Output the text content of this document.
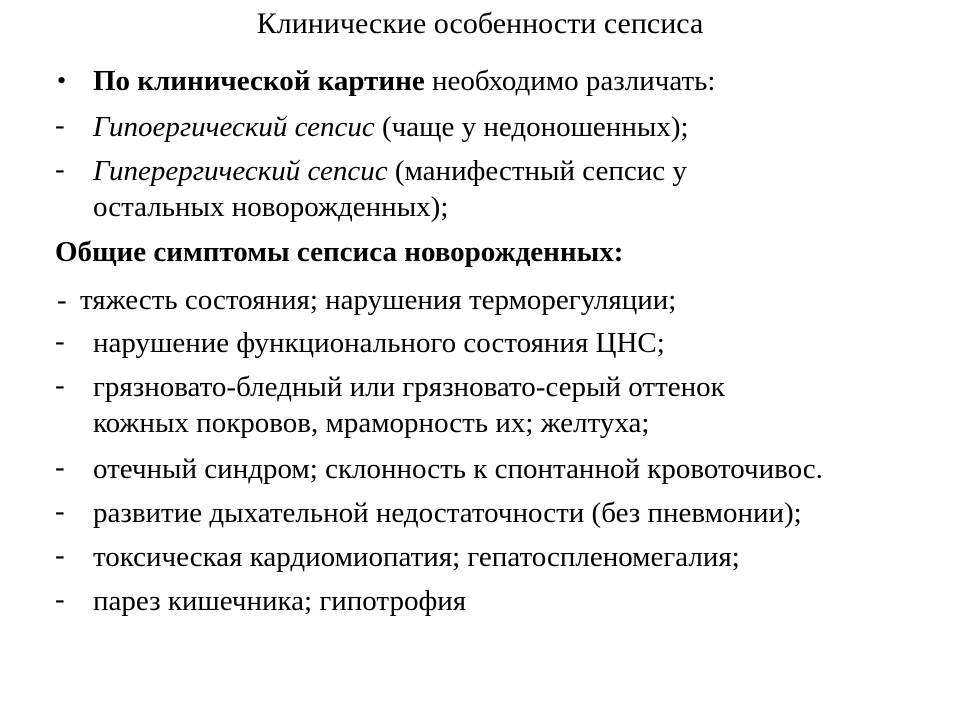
Клинические особенности сепсиса
• По клинической картине необходимо различать:
- Гипоергический сепсис (чаще у недоношенных);
- Гиперергический сепсис (манифестный сепсис у
остальных новорожденных);
Общие симптомы сепсиса новорожденных:
- тяжесть состояния; нарушения терморегуляции;
- нарушение функционального состояния ЦНС;
- грязновато-бледный или грязновато-серый оттенок
кожных покровов, мраморность их; желтуха;
- отечный синдром; склонность к спонтанной кровоточивос.
- развитие дыхательной недостаточности (без пневмонии);
- токсическая кардиомиопатия; гепатоспленомегалия;
- парез кишечника; гипотрофия
